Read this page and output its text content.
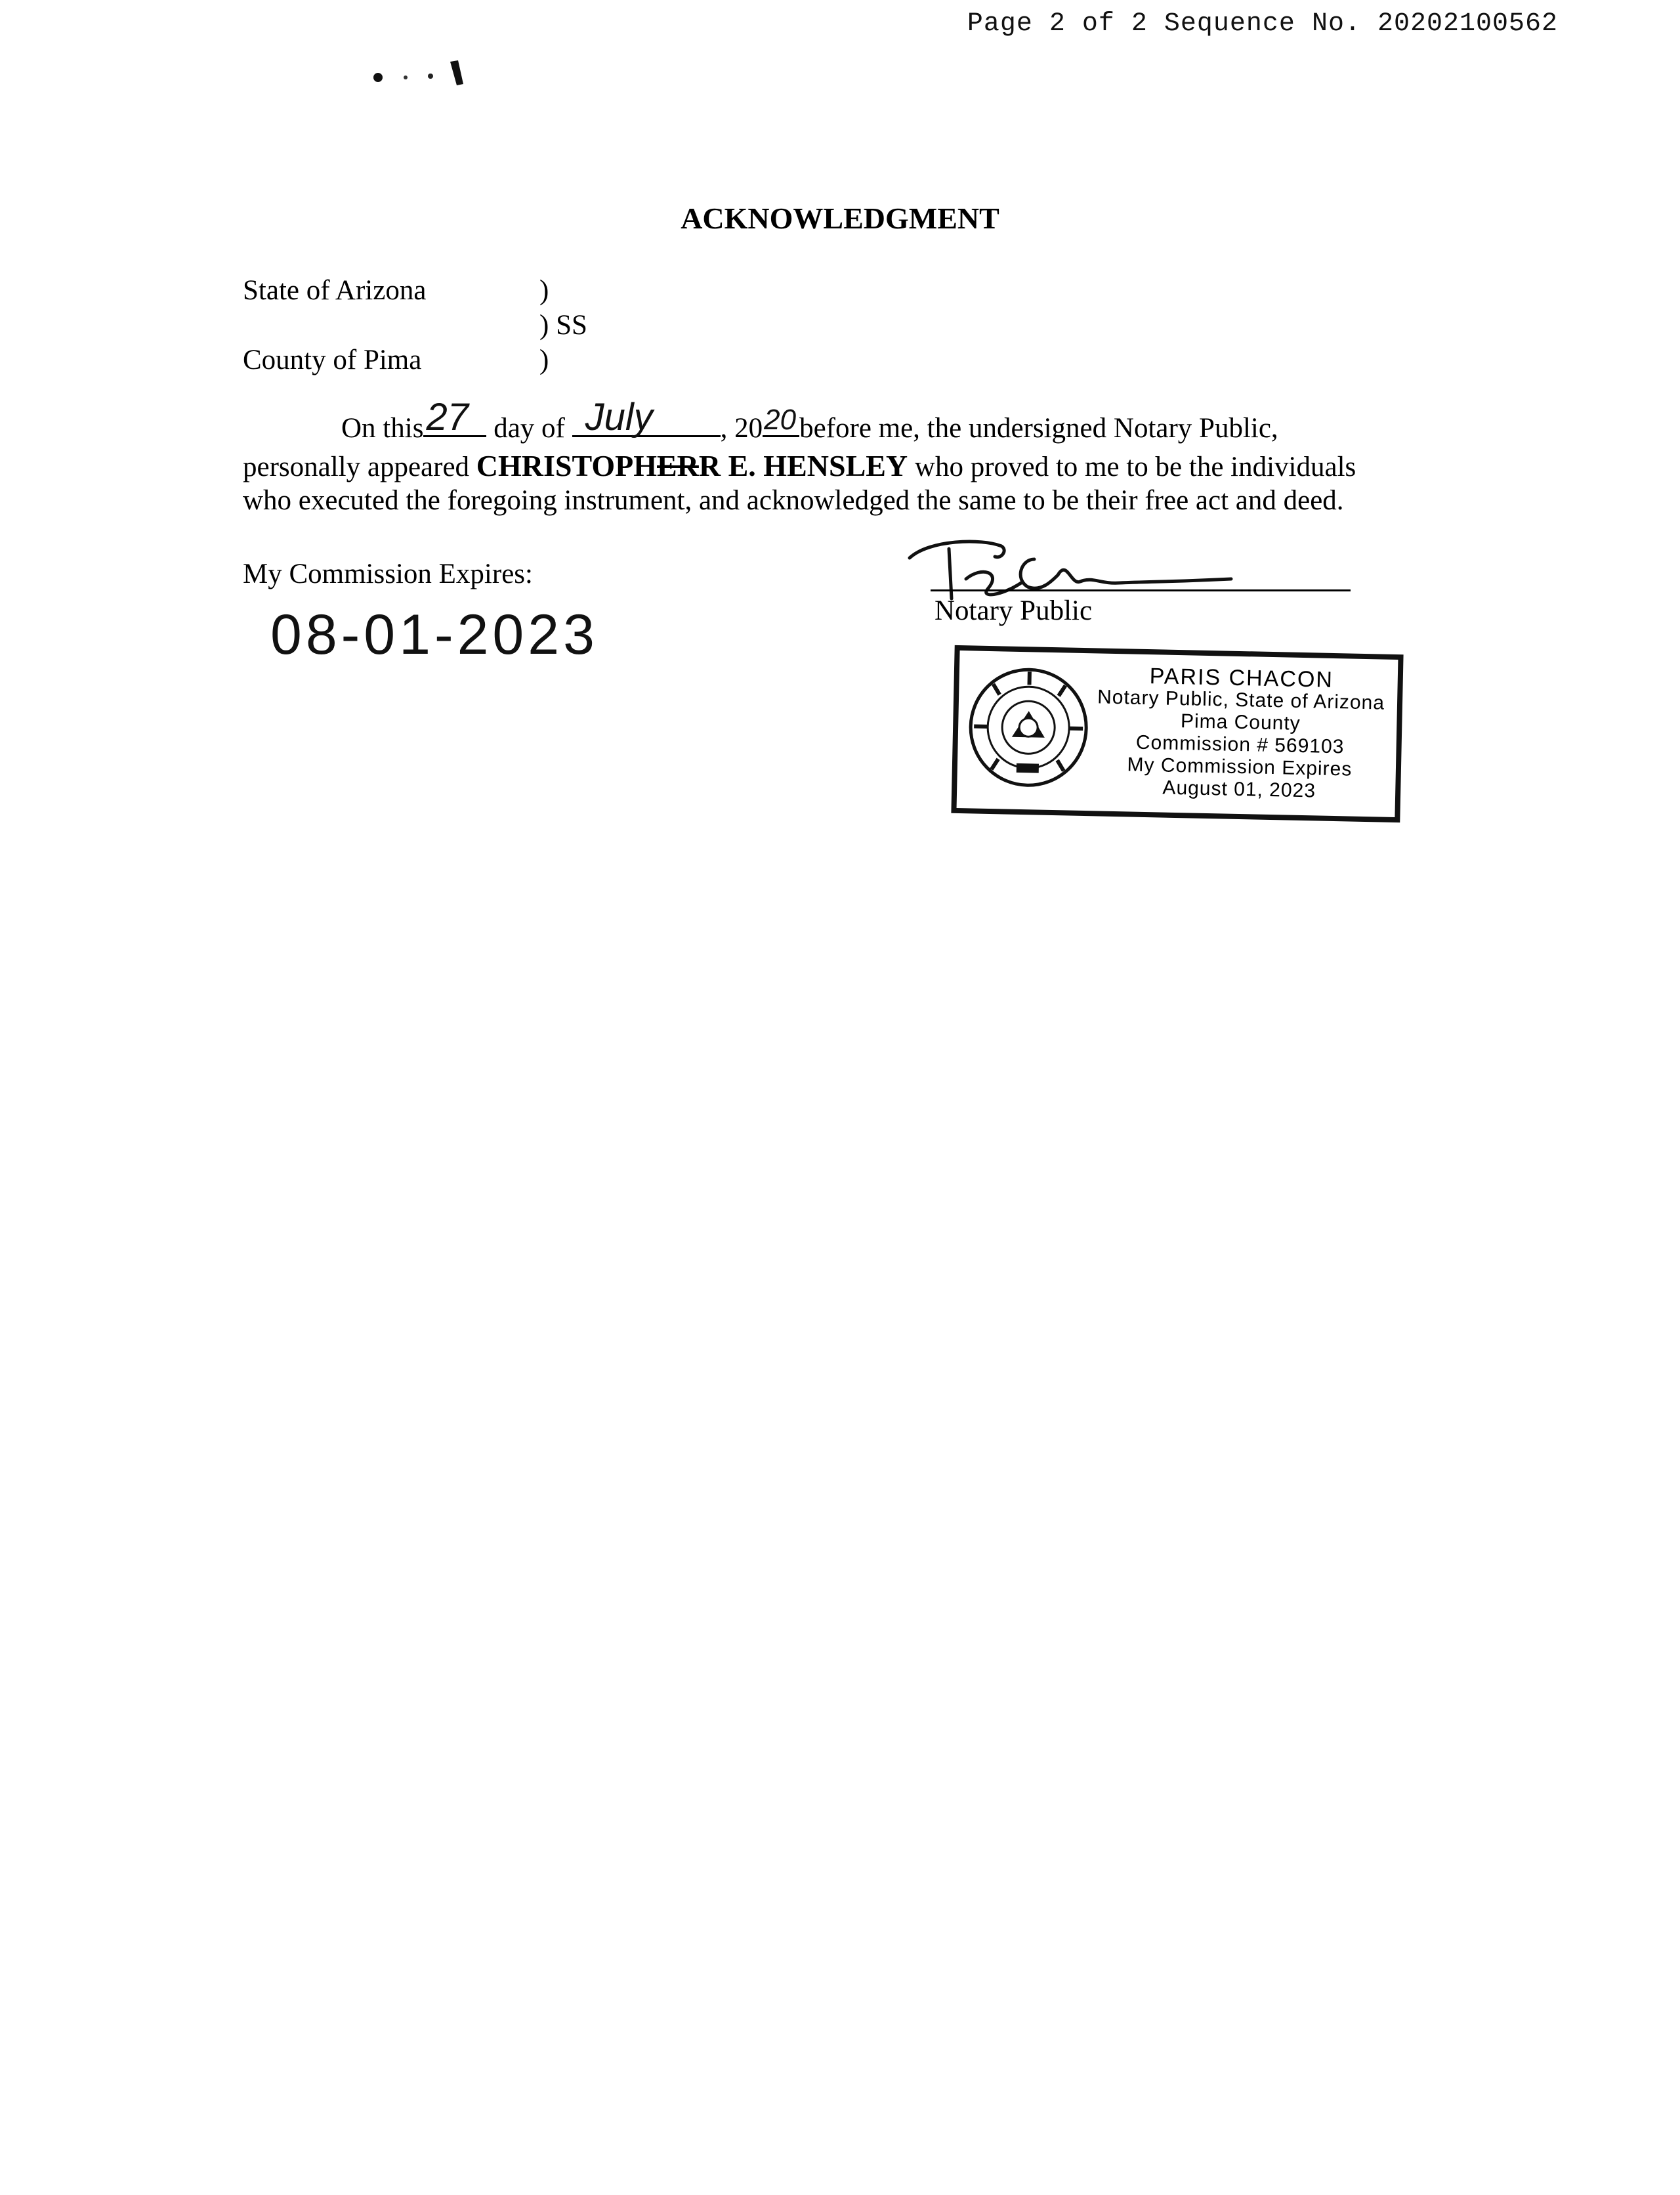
Page 2 of 2 Sequence No. 20202100562
ACKNOWLEDGMENT
State of Arizona
County of Pima
)
) SS
)
On this 27 day of July , 20 20 before me, the undersigned Notary Public,
personally appeared CHRISTOPHERR E. HENSLEY who proved to me to be the individuals
who executed the foregoing instrument, and acknowledged the same to be their free act and deed.
My Commission Expires:
08-01-2023	Notary Public
PARIS CHACON
Notary Public, State of Arizona
Pima County
Commission # 569103
My Commission Expires
August 01, 2023
